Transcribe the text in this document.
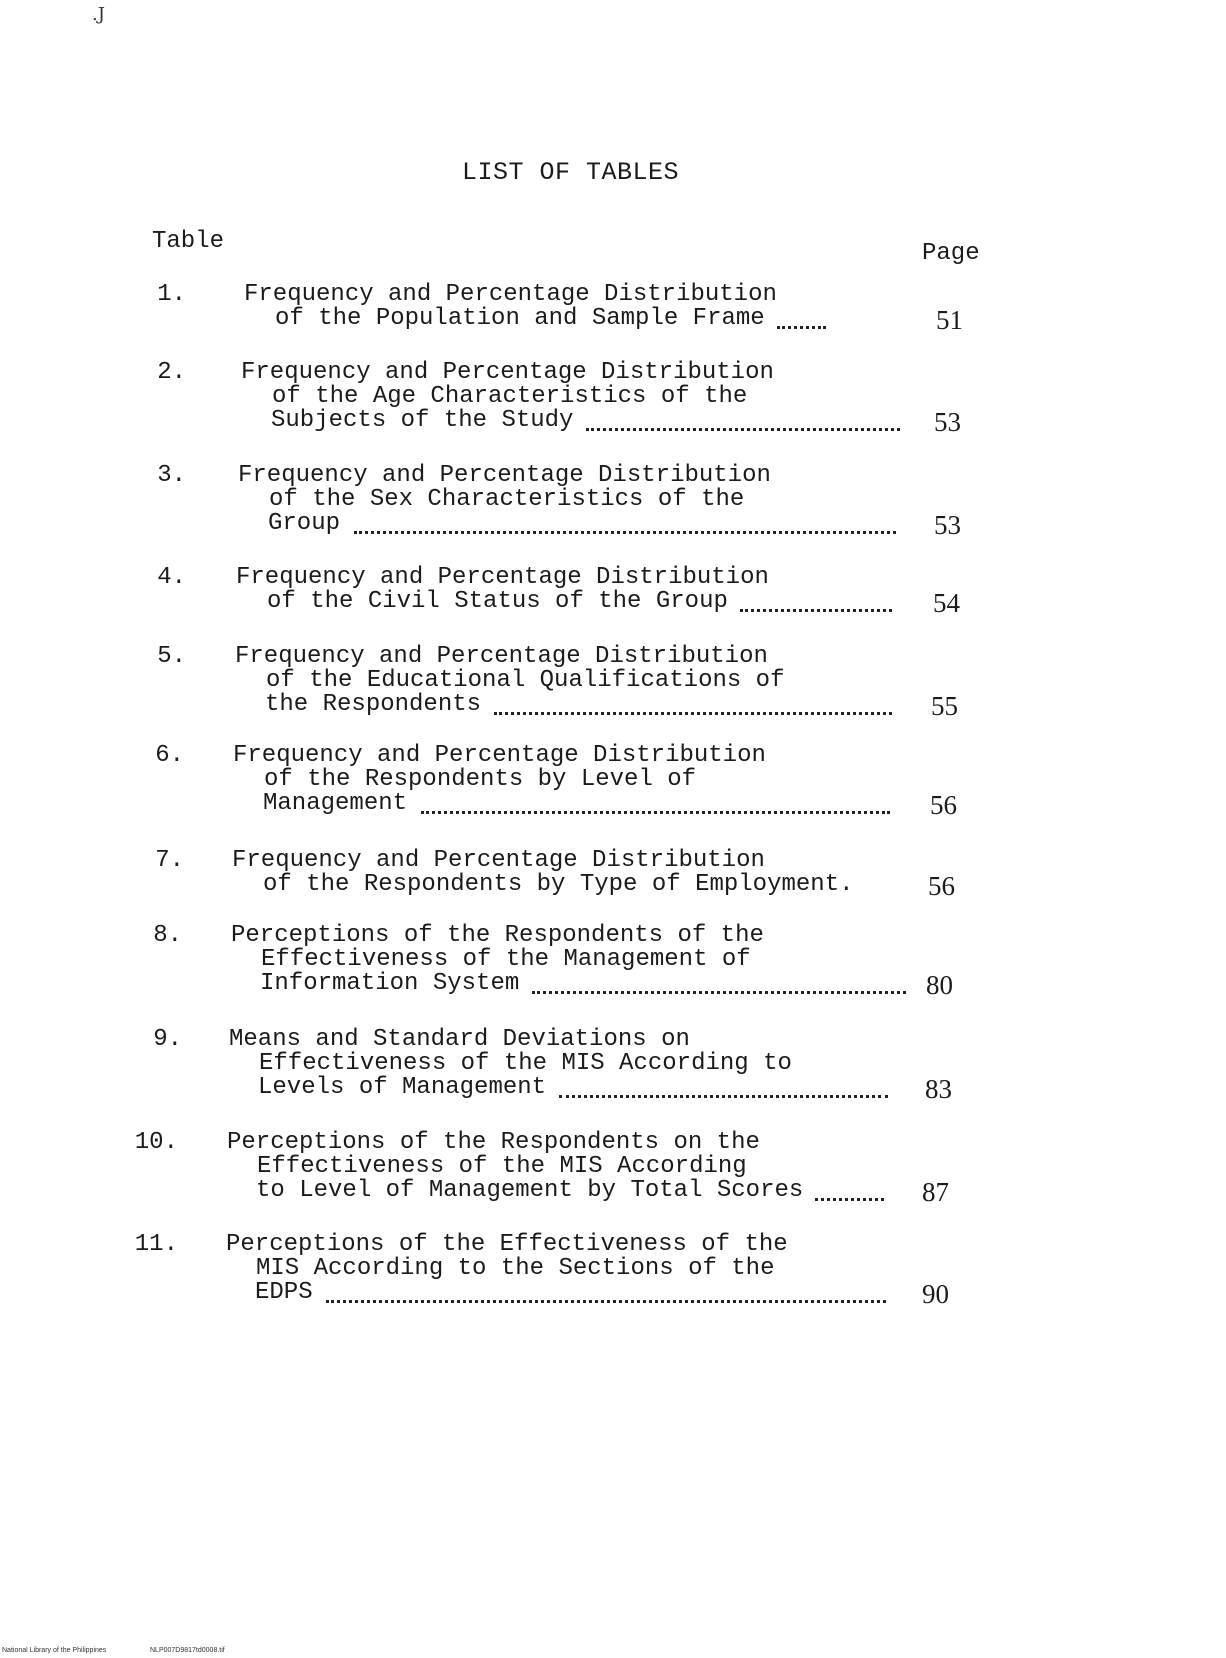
.J
LIST OF TABLES
Table	Page
1. Frequency and Percentage Distribution
of the Population and Sample Frame	51
2. Frequency and Percentage Distribution
of the Age Characteristics of the
Subjects of the Study	53
3. Frequency and Percentage Distribution
of the Sex Characteristics of the
Group	53
4. Frequency and Percentage Distribution
of the Civil Status of the Group	54
5. Frequency and Percentage Distribution
of the Educational Qualifications of
the Respondents	55
6. Frequency and Percentage Distribution
of the Respondents by Level of
Management	56
7. Frequency and Percentage Distribution
of the Respondents by Type of Employment.	56
8. Perceptions of the Respondents of the
Effectiveness of the Management of
Information System	80
9. Means and Standard Deviations on
Effectiveness of the MIS According to
Levels of Management	83
10. Perceptions of the Respondents on the
Effectiveness of the MIS According
to Level of Management by Total Scores	87
11. Perceptions of the Effectiveness of the
MIS According to the Sections of the
EDPS	90
National Library of the Philippines	NLP007D9817td0008.tif
